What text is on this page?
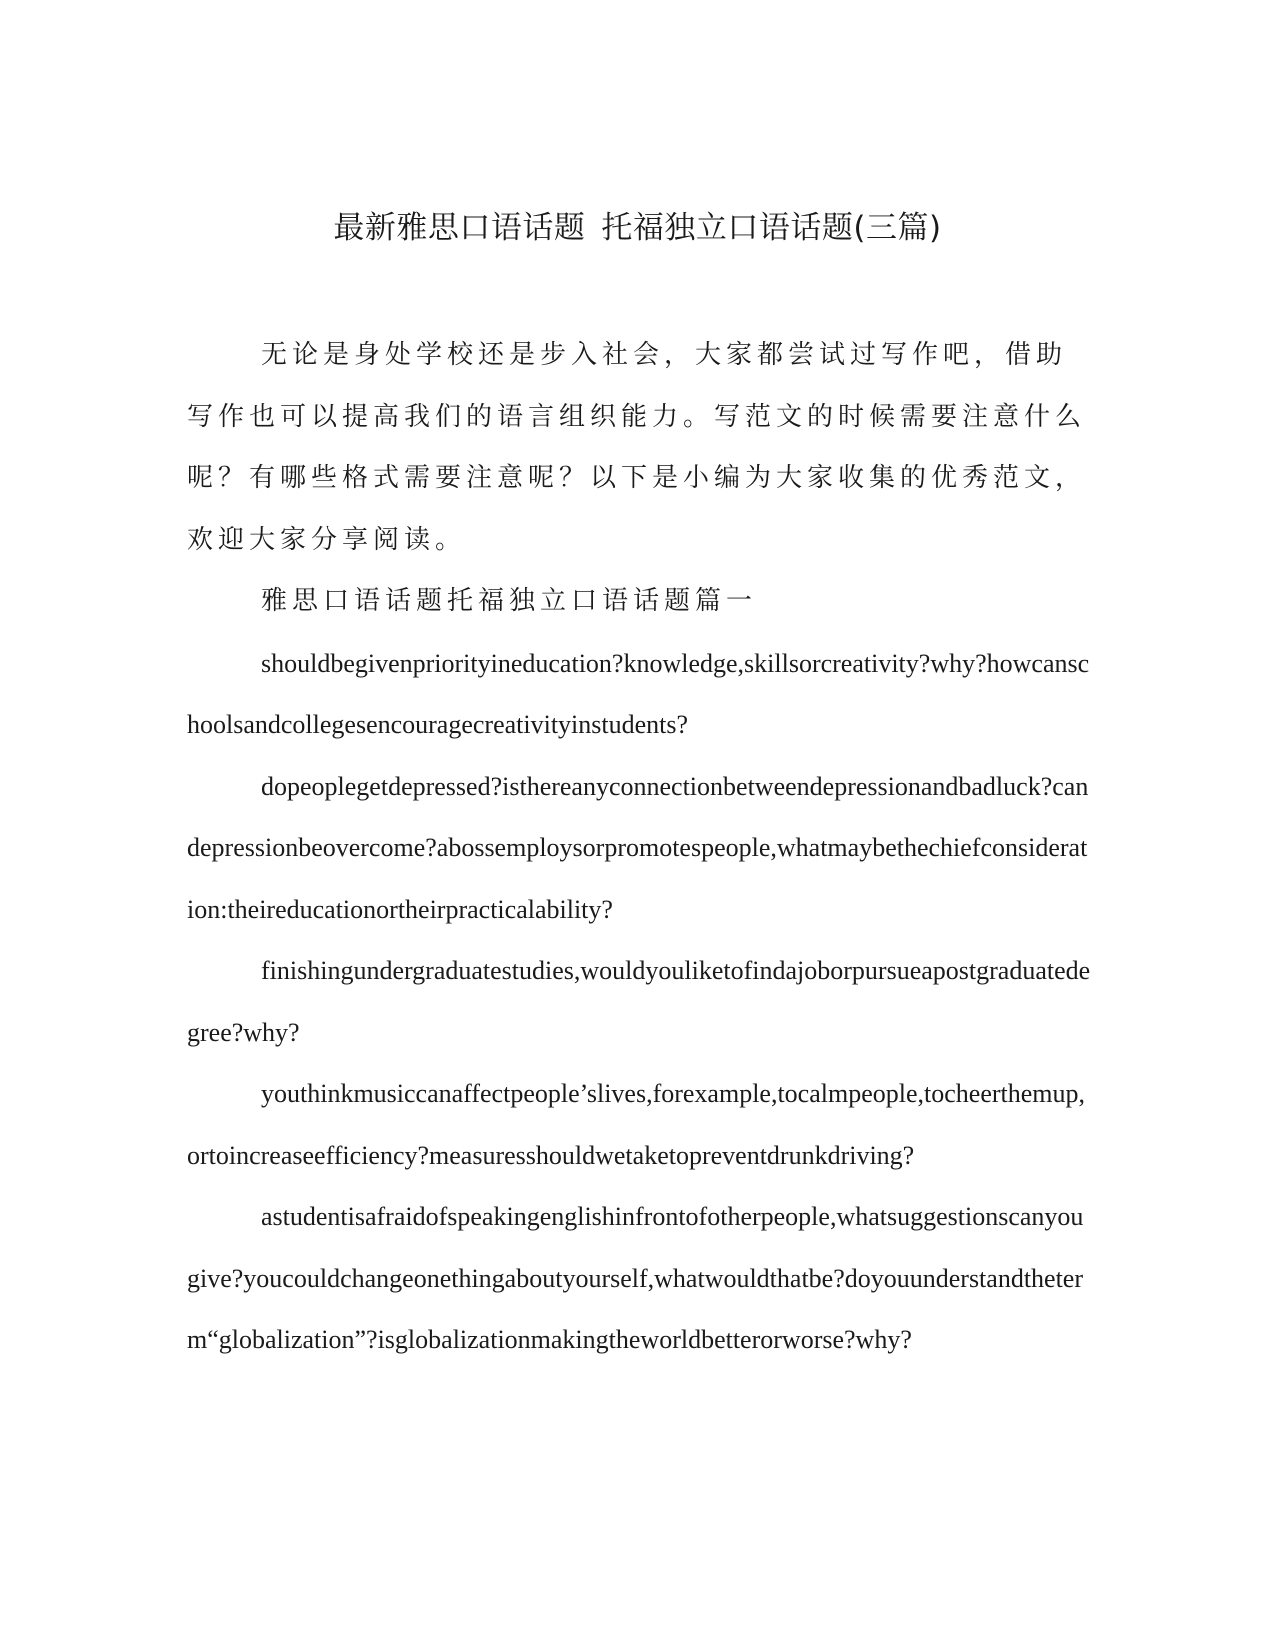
最新雅思口语话题 托福独立口语话题(三篇)

无论是身处学校还是步入社会，大家都尝试过写作吧，借助写作也可以提高我们的语言组织能力。写范文的时候需要注意什么呢？有哪些格式需要注意呢？以下是小编为大家收集的优秀范文，欢迎大家分享阅读。

雅思口语话题托福独立口语话题篇一

shouldbegivenpriorityineducation?knowledge,skillsorcreativity?why?howcanschoolsandcollegesencouragecreativityinstudents?

dopeoplegetdepressed?isthereanyconnectionbetweendepressionandbadluck?candepressionbeovercome?abossemploysorpromotespeople,whatmaybethechiefconsideration:theireducationortheirpracticalability?

finishingundergraduatestudies,wouldyouliketofindajoborpursueapostgraduatedegree?why?

youthinkmusiccanaffectpeople’slives,forexample,tocalmpeople,tocheerthemup,ortoincreaseefficiency?measuresshouldwetaketopreventdrunkdriving?

astudentisafraidofspeakingenglishinfrontofotherpeople,whatsuggestionscanyougive?youcouldchangeonethingaboutyourself,whatwouldthatbe?doyouunderstandtheterm“globalization”?isglobalizationmakingtheworldbetterorworse?why?
